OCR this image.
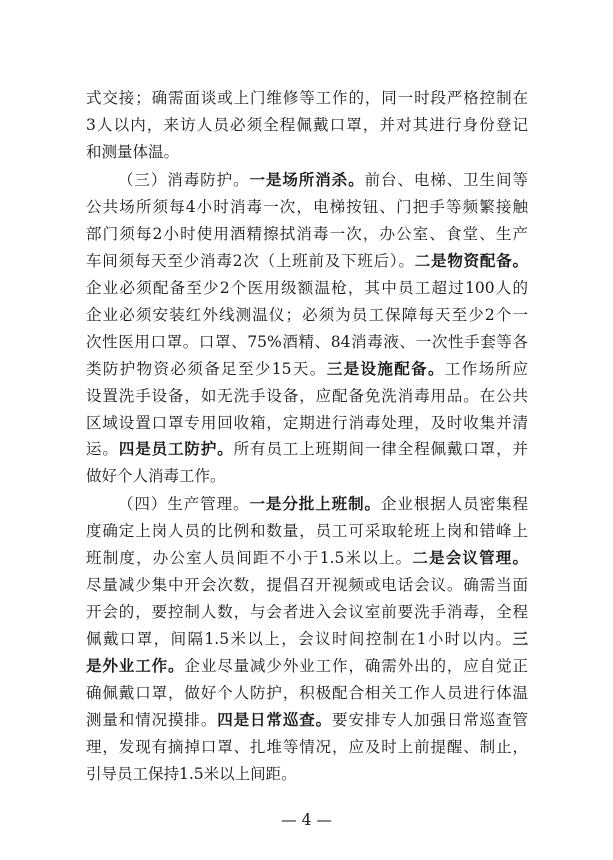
式交接；确需面谈或上门维修等工作的，同一时段严格控制在
3人以内，来访人员必须全程佩戴口罩，并对其进行身份登记
和测量体温。
（三）消毒防护。一是场所消杀。前台、电梯、卫生间等
公共场所须每4小时消毒一次，电梯按钮、门把手等频繁接触
部门须每2小时使用酒精擦拭消毒一次，办公室、食堂、生产
车间须每天至少消毒2次（上班前及下班后）。二是物资配备。
企业必须配备至少2个医用级额温枪，其中员工超过100人的
企业必须安装红外线测温仪；必须为员工保障每天至少2个一
次性医用口罩。口罩、75%酒精、84消毒液、一次性手套等各
类防护物资必须备足至少15天。三是设施配备。工作场所应
设置洗手设备，如无洗手设备，应配备免洗消毒用品。在公共
区域设置口罩专用回收箱，定期进行消毒处理，及时收集并清
运。四是员工防护。所有员工上班期间一律全程佩戴口罩，并
做好个人消毒工作。
（四）生产管理。一是分批上班制。企业根据人员密集程
度确定上岗人员的比例和数量，员工可采取轮班上岗和错峰上
班制度，办公室人员间距不小于1.5米以上。二是会议管理。
尽量减少集中开会次数，提倡召开视频或电话会议。确需当面
开会的，要控制人数，与会者进入会议室前要洗手消毒，全程
佩戴口罩，间隔1.5米以上，会议时间控制在1小时以内。三
是外业工作。企业尽量减少外业工作，确需外出的，应自觉正
确佩戴口罩，做好个人防护，积极配合相关工作人员进行体温
测量和情况摸排。四是日常巡查。要安排专人加强日常巡查管
理，发现有摘掉口罩、扎堆等情况，应及时上前提醒、制止，
引导员工保持1.5米以上间距。
— 4 —
